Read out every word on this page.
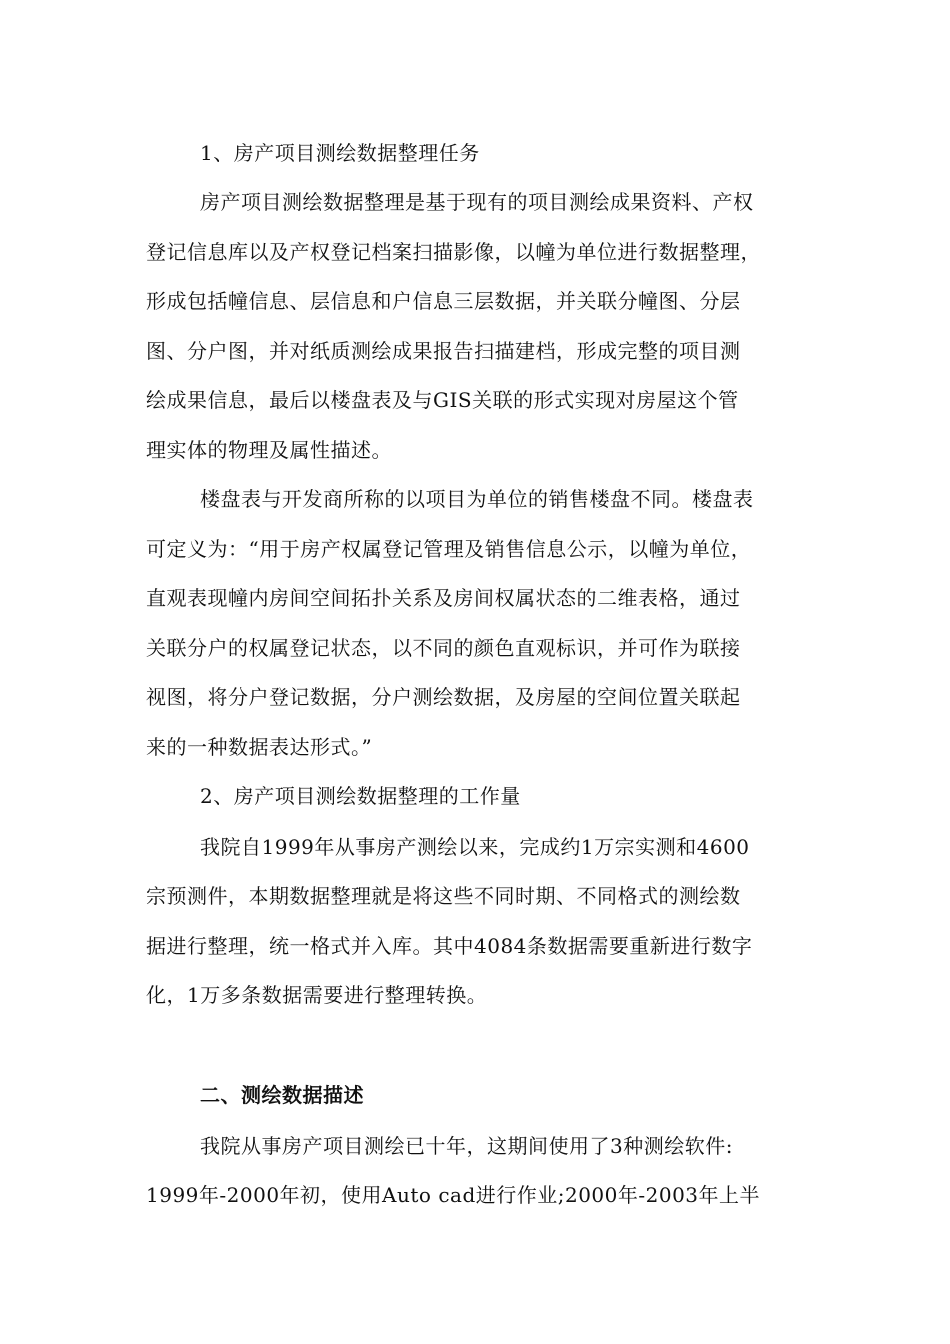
1、房产项目测绘数据整理任务
房产项目测绘数据整理是基于现有的项目测绘成果资料、产权
登记信息库以及产权登记档案扫描影像，以幢为单位进行数据整理，
形成包括幢信息、层信息和户信息三层数据，并关联分幢图、分层
图、分户图，并对纸质测绘成果报告扫描建档，形成完整的项目测
绘成果信息，最后以楼盘表及与GIS关联的形式实现对房屋这个管
理实体的物理及属性描述。
楼盘表与开发商所称的以项目为单位的销售楼盘不同。楼盘表
可定义为：“用于房产权属登记管理及销售信息公示，以幢为单位，
直观表现幢内房间空间拓扑关系及房间权属状态的二维表格，通过
关联分户的权属登记状态，以不同的颜色直观标识，并可作为联接
视图，将分户登记数据，分户测绘数据，及房屋的空间位置关联起
来的一种数据表达形式。”
2、房产项目测绘数据整理的工作量
我院自1999年从事房产测绘以来，完成约1万宗实测和4600
宗预测件，本期数据整理就是将这些不同时期、不同格式的测绘数
据进行整理，统一格式并入库。其中4084条数据需要重新进行数字
化，1万多条数据需要进行整理转换。
二、测绘数据描述
我院从事房产项目测绘已十年，这期间使用了3种测绘软件:
1999年-2000年初，使用Auto cad进行作业;2000年-2003年上半
